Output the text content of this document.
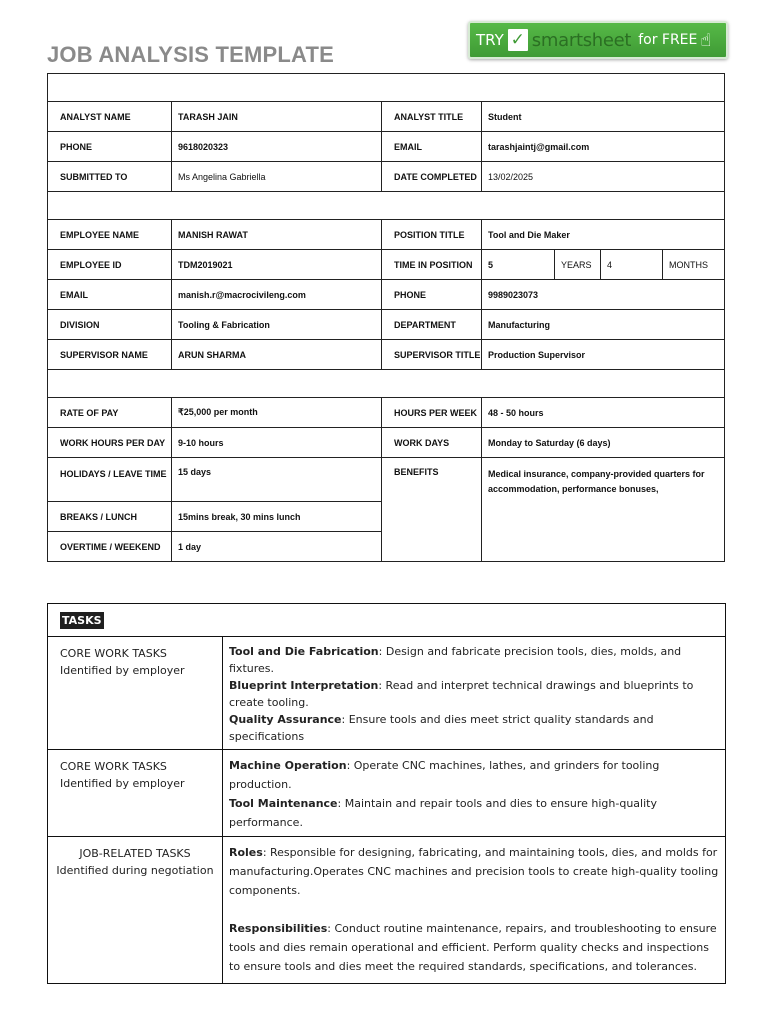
JOB ANALYSIS TEMPLATE
TRY ✓ smartsheet for FREE ☝

ANALYST NAME	TARASH JAIN	ANALYST TITLE	Student			
PHONE	9618020323	EMAIL	tarashjaintj@gmail.com			
SUBMITTED TO	Ms Angelina Gabriella	DATE COMPLETED	13/02/2025			

EMPLOYEE NAME	MANISH RAWAT	POSITION TITLE	Tool and Die Maker			
EMPLOYEE ID	TDM2019021	TIME IN POSITION	5	YEARS	4	MONTHS
EMAIL	manish.r@macrocivileng.com	PHONE	9989023073			
DIVISION	Tooling & Fabrication	DEPARTMENT	Manufacturing			
SUPERVISOR NAME	ARUN SHARMA	SUPERVISOR TITLE	Production Supervisor			

RATE OF PAY	₹25,000 per month	HOURS PER WEEK	48 - 50 hours			
WORK HOURS PER DAY	9-10 hours	WORK DAYS	Monday to Saturday (6 days)			
HOLIDAYS / LEAVE TIME	15 days	BENEFITS	Medical insurance, company-provided quarters for accommodation, performance bonuses,			
BREAKS / LUNCH	15mins break, 30 mins lunch					
OVERTIME / WEEKEND	1 day					
TASKS	

CORE WORK TASKS
Identified by employer	Tool and Die Fabrication: Design and fabricate precision tools, dies, molds, and fixtures.
Blueprint Interpretation: Read and interpret technical drawings and blueprints to create tooling.
Quality Assurance: Ensure tools and dies meet strict quality standards and specifications

CORE WORK TASKS
Identified by employer	Machine Operation: Operate CNC machines, lathes, and grinders for tooling production.
Tool Maintenance: Maintain and repair tools and dies to ensure high-quality performance.

JOB-RELATED TASKS
Identified during negotiation	Roles: Responsible for designing, fabricating, and maintaining tools, dies, and molds for manufacturing.Operates CNC machines and precision tools to create high-quality tooling components.
Responsibilities: Conduct routine maintenance, repairs, and troubleshooting to ensure tools and dies remain operational and efficient. Perform quality checks and inspections to ensure tools and dies meet the required standards, specifications, and tolerances.
